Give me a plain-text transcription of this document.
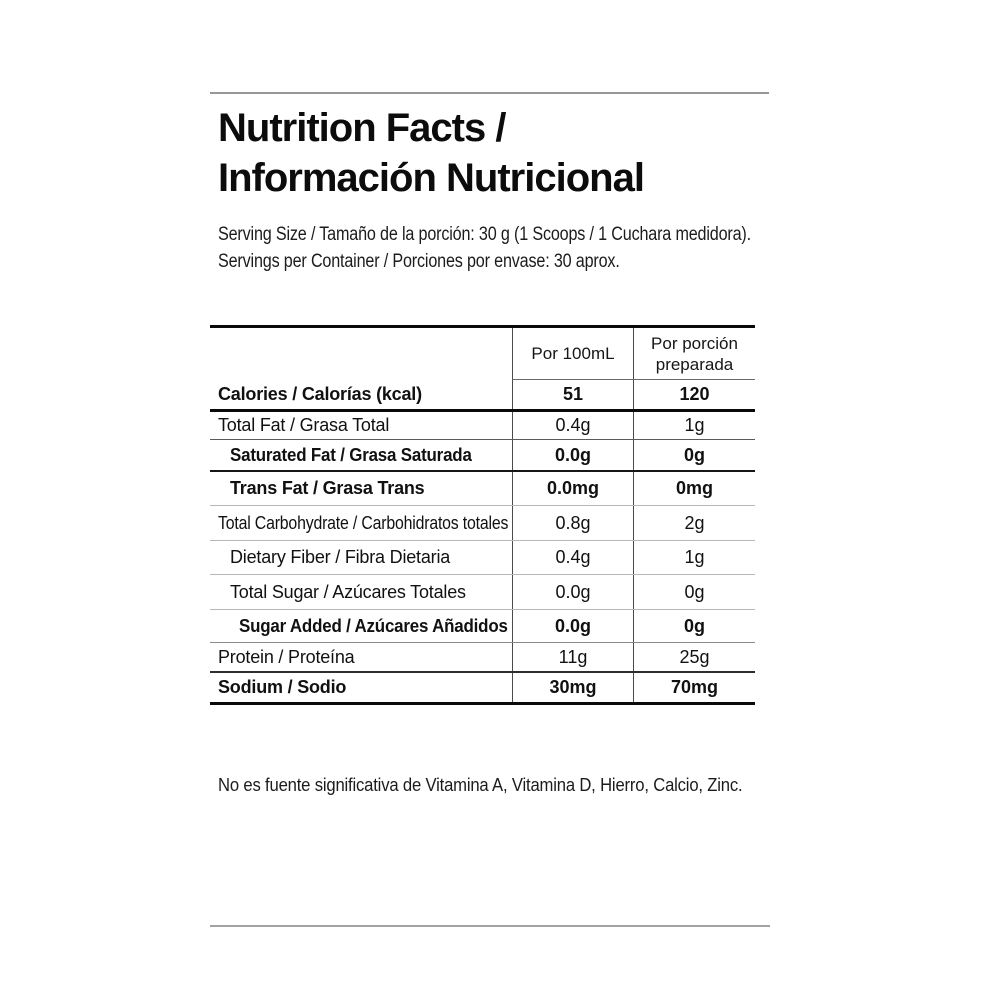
Nutrition Facts /
Información Nutricional
Serving Size / Tamaño de la porción: 30 g (1 Scoops / 1 Cuchara medidora).
Servings per Container / Porciones por envase: 30 aprox.
Por 100mL
Por porción preparada
Calories / Calorías (kcal)	51	120
Total Fat / Grasa Total	0.4g	1g
Saturated Fat / Grasa Saturada	0.0g	0g
Trans Fat / Grasa Trans	0.0mg	0mg
Total Carbohydrate / Carbohidratos totales	0.8g	2g
Dietary Fiber / Fibra Dietaria	0.4g	1g
Total Sugar / Azúcares Totales	0.0g	0g
Sugar Added / Azúcares Añadidos	0.0g	0g
Protein / Proteína	11g	25g
Sodium / Sodio	30mg	70mg
No es fuente significativa de Vitamina A, Vitamina D, Hierro, Calcio, Zinc.
